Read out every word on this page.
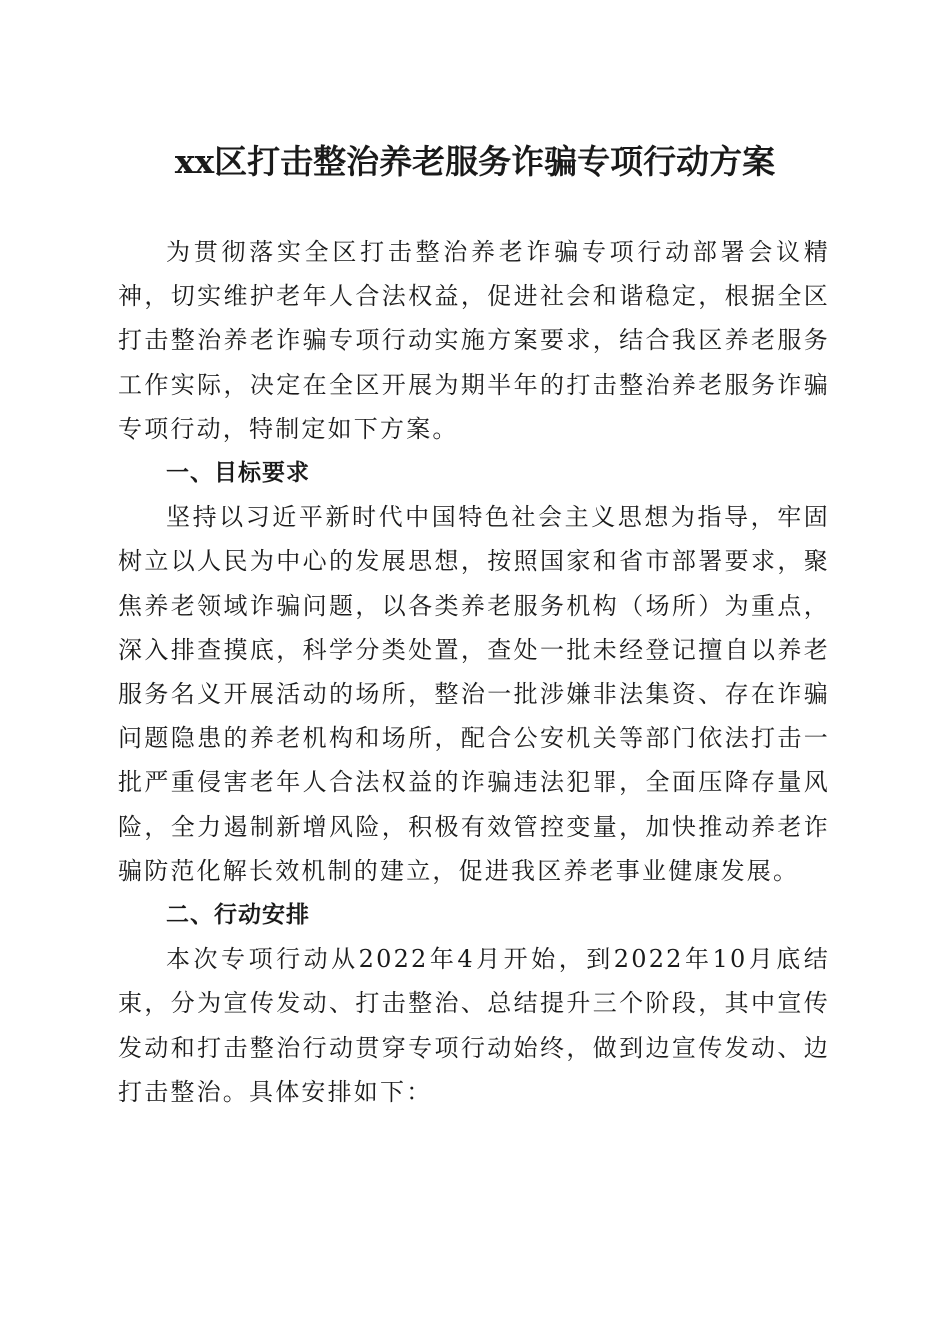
xx区打击整治养老服务诈骗专项行动方案

为贯彻落实全区打击整治养老诈骗专项行动部署会议精神，切实维护老年人合法权益，促进社会和谐稳定，根据全区打击整治养老诈骗专项行动实施方案要求，结合我区养老服务工作实际，决定在全区开展为期半年的打击整治养老服务诈骗专项行动，特制定如下方案。

一、目标要求

坚持以习近平新时代中国特色社会主义思想为指导，牢固树立以人民为中心的发展思想，按照国家和省市部署要求，聚焦养老领域诈骗问题，以各类养老服务机构（场所）为重点，深入排查摸底，科学分类处置，查处一批未经登记擅自以养老服务名义开展活动的场所，整治一批涉嫌非法集资、存在诈骗问题隐患的养老机构和场所，配合公安机关等部门依法打击一批严重侵害老年人合法权益的诈骗违法犯罪，全面压降存量风险，全力遏制新增风险，积极有效管控变量，加快推动养老诈骗防范化解长效机制的建立，促进我区养老事业健康发展。

二、行动安排

本次专项行动从2022年4月开始，到2022年10月底结束，分为宣传发动、打击整治、总结提升三个阶段，其中宣传发动和打击整治行动贯穿专项行动始终，做到边宣传发动、边打击整治。具体安排如下：
